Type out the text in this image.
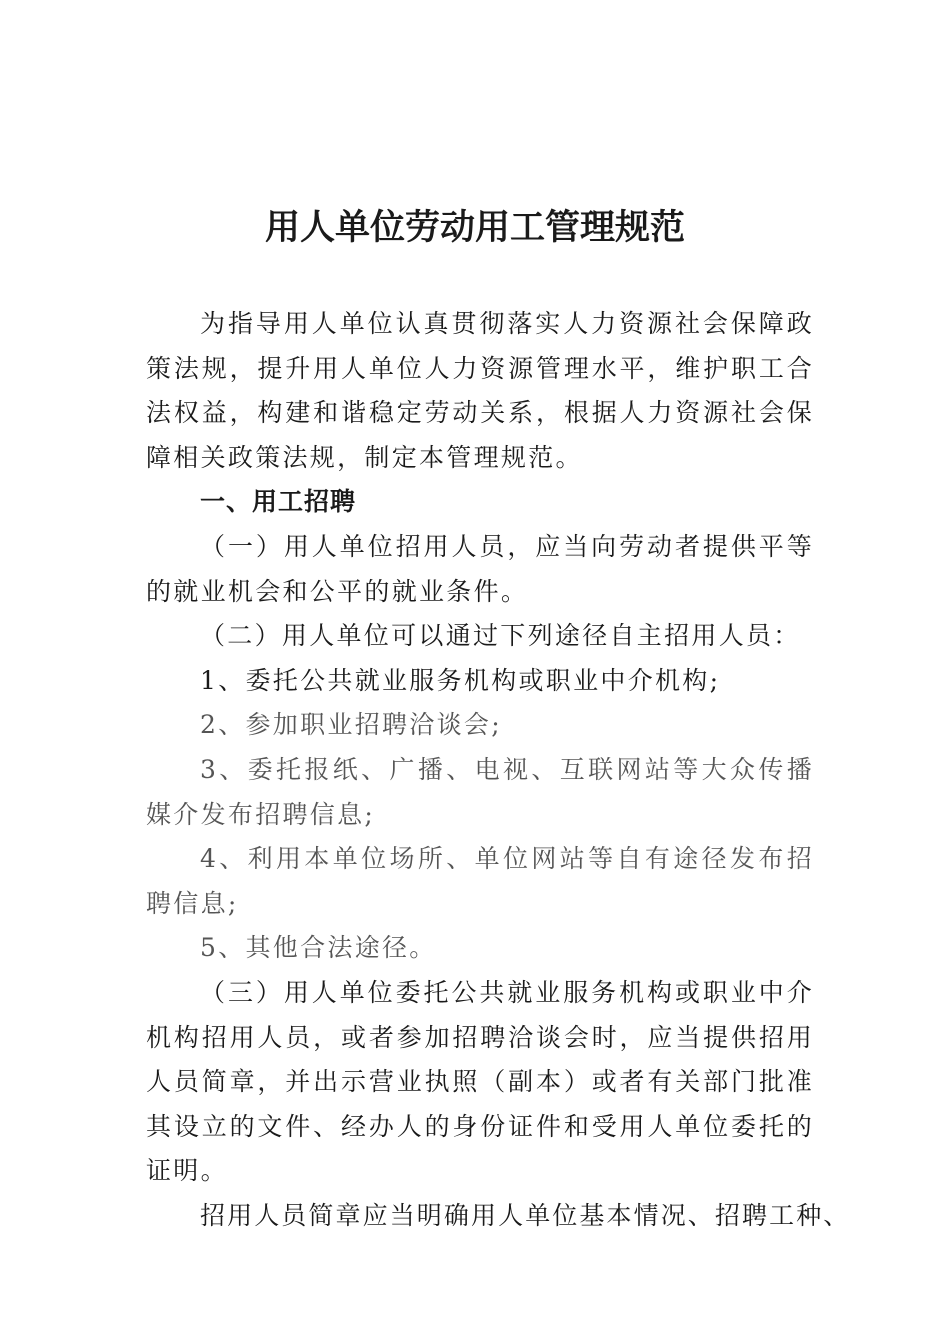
用人单位劳动用工管理规范

为指导用人单位认真贯彻落实人力资源社会保障政策法规，提升用人单位人力资源管理水平，维护职工合法权益，构建和谐稳定劳动关系，根据人力资源社会保障相关政策法规，制定本管理规范。

一、用工招聘

（一）用人单位招用人员，应当向劳动者提供平等的就业机会和公平的就业条件。

（二）用人单位可以通过下列途径自主招用人员：

1、委托公共就业服务机构或职业中介机构;

2、参加职业招聘洽谈会;

3、委托报纸、广播、电视、互联网站等大众传播媒介发布招聘信息;

4、利用本单位场所、单位网站等自有途径发布招聘信息;

5、其他合法途径。

（三）用人单位委托公共就业服务机构或职业中介机构招用人员，或者参加招聘洽谈会时，应当提供招用人员简章，并出示营业执照（副本）或者有关部门批准其设立的文件、经办人的身份证件和受用人单位委托的证明。

招用人员简章应当明确用人单位基本情况、招聘工种、
